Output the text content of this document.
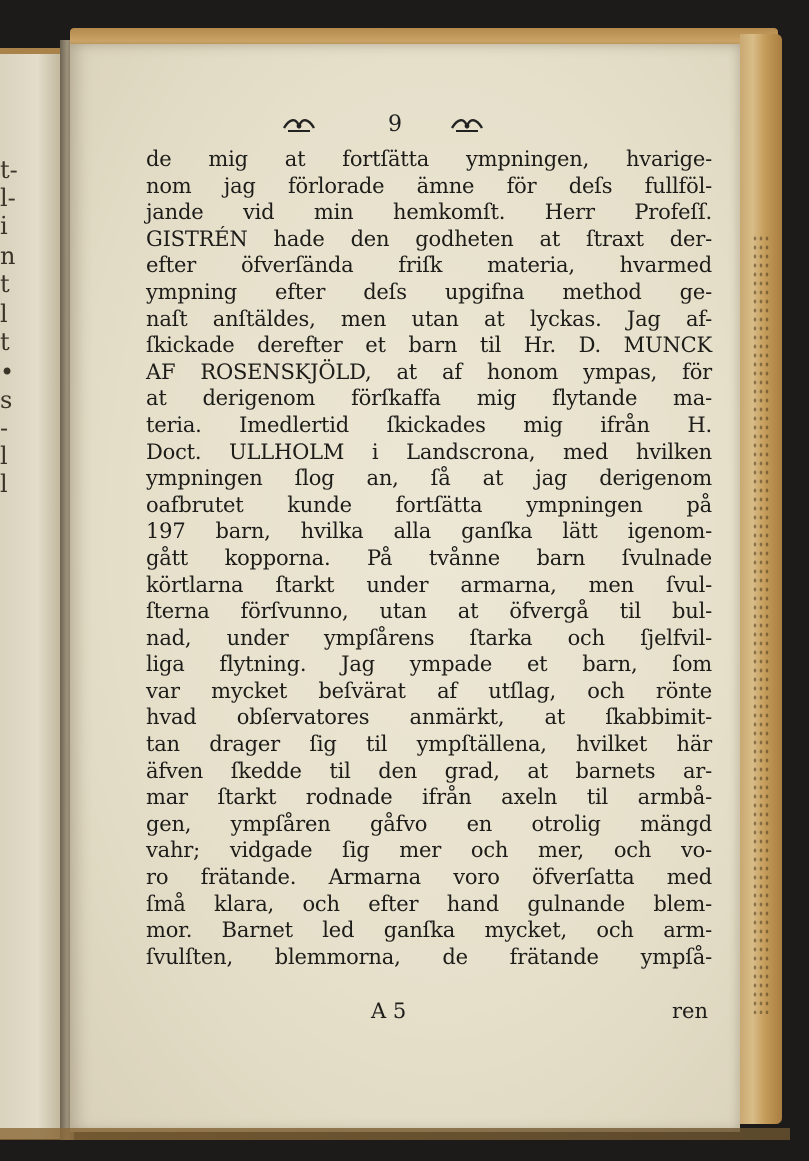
t-
l-
i
n
t
l
t
•
s
-
l
l
9
de mig at fortſätta ympningen, hvarige-
nom jag förlorade ämne för deſs fullföl-
jande vid min hemkomſt. Herr Profeſſ.
GISTRÉN hade den godheten at ſtraxt der-
efter öfverſända friſk materia, hvarmed
ympning efter deſs upgifna method ge-
naſt anſtäldes, men utan at lyckas. Jag af-
ſkickade derefter et barn til Hr. D. MUNCK
AF ROSENSKJÖLD, at af honom ympas, för
at derigenom förſkaffa mig flytande ma-
teria. Imedlertid ſkickades mig ifrån H.
Doct. ULLHOLM i Landscrona, med hvilken
ympningen ſlog an, ſå at jag derigenom
oafbrutet kunde fortſätta ympningen på
197 barn, hvilka alla ganſka lätt igenom-
gått kopporna. På tvånne barn ſvulnade
körtlarna ſtarkt under armarna, men ſvul-
ſterna förſvunno, utan at öfvergå til bul-
nad, under ympſårens ſtarka och ſjelfvil-
liga flytning. Jag ympade et barn, ſom
var mycket beſvärat af utſlag, och rönte
hvad obſervatores anmärkt, at ſkabbimit-
tan drager ſig til ympſtällena, hvilket här
äfven ſkedde til den grad, at barnets ar-
mar ſtarkt rodnade ifrån axeln til armbå-
gen, ympſåren gåfvo en otrolig mängd
vahr; vidgade ſig mer och mer, och vo-
ro frätande. Armarna voro öfverſatta med
ſmå klara, och efter hand gulnande blem-
mor. Barnet led ganſka mycket, och arm-
ſvulſten, blemmorna, de frätande ympſå-
A 5	ren
